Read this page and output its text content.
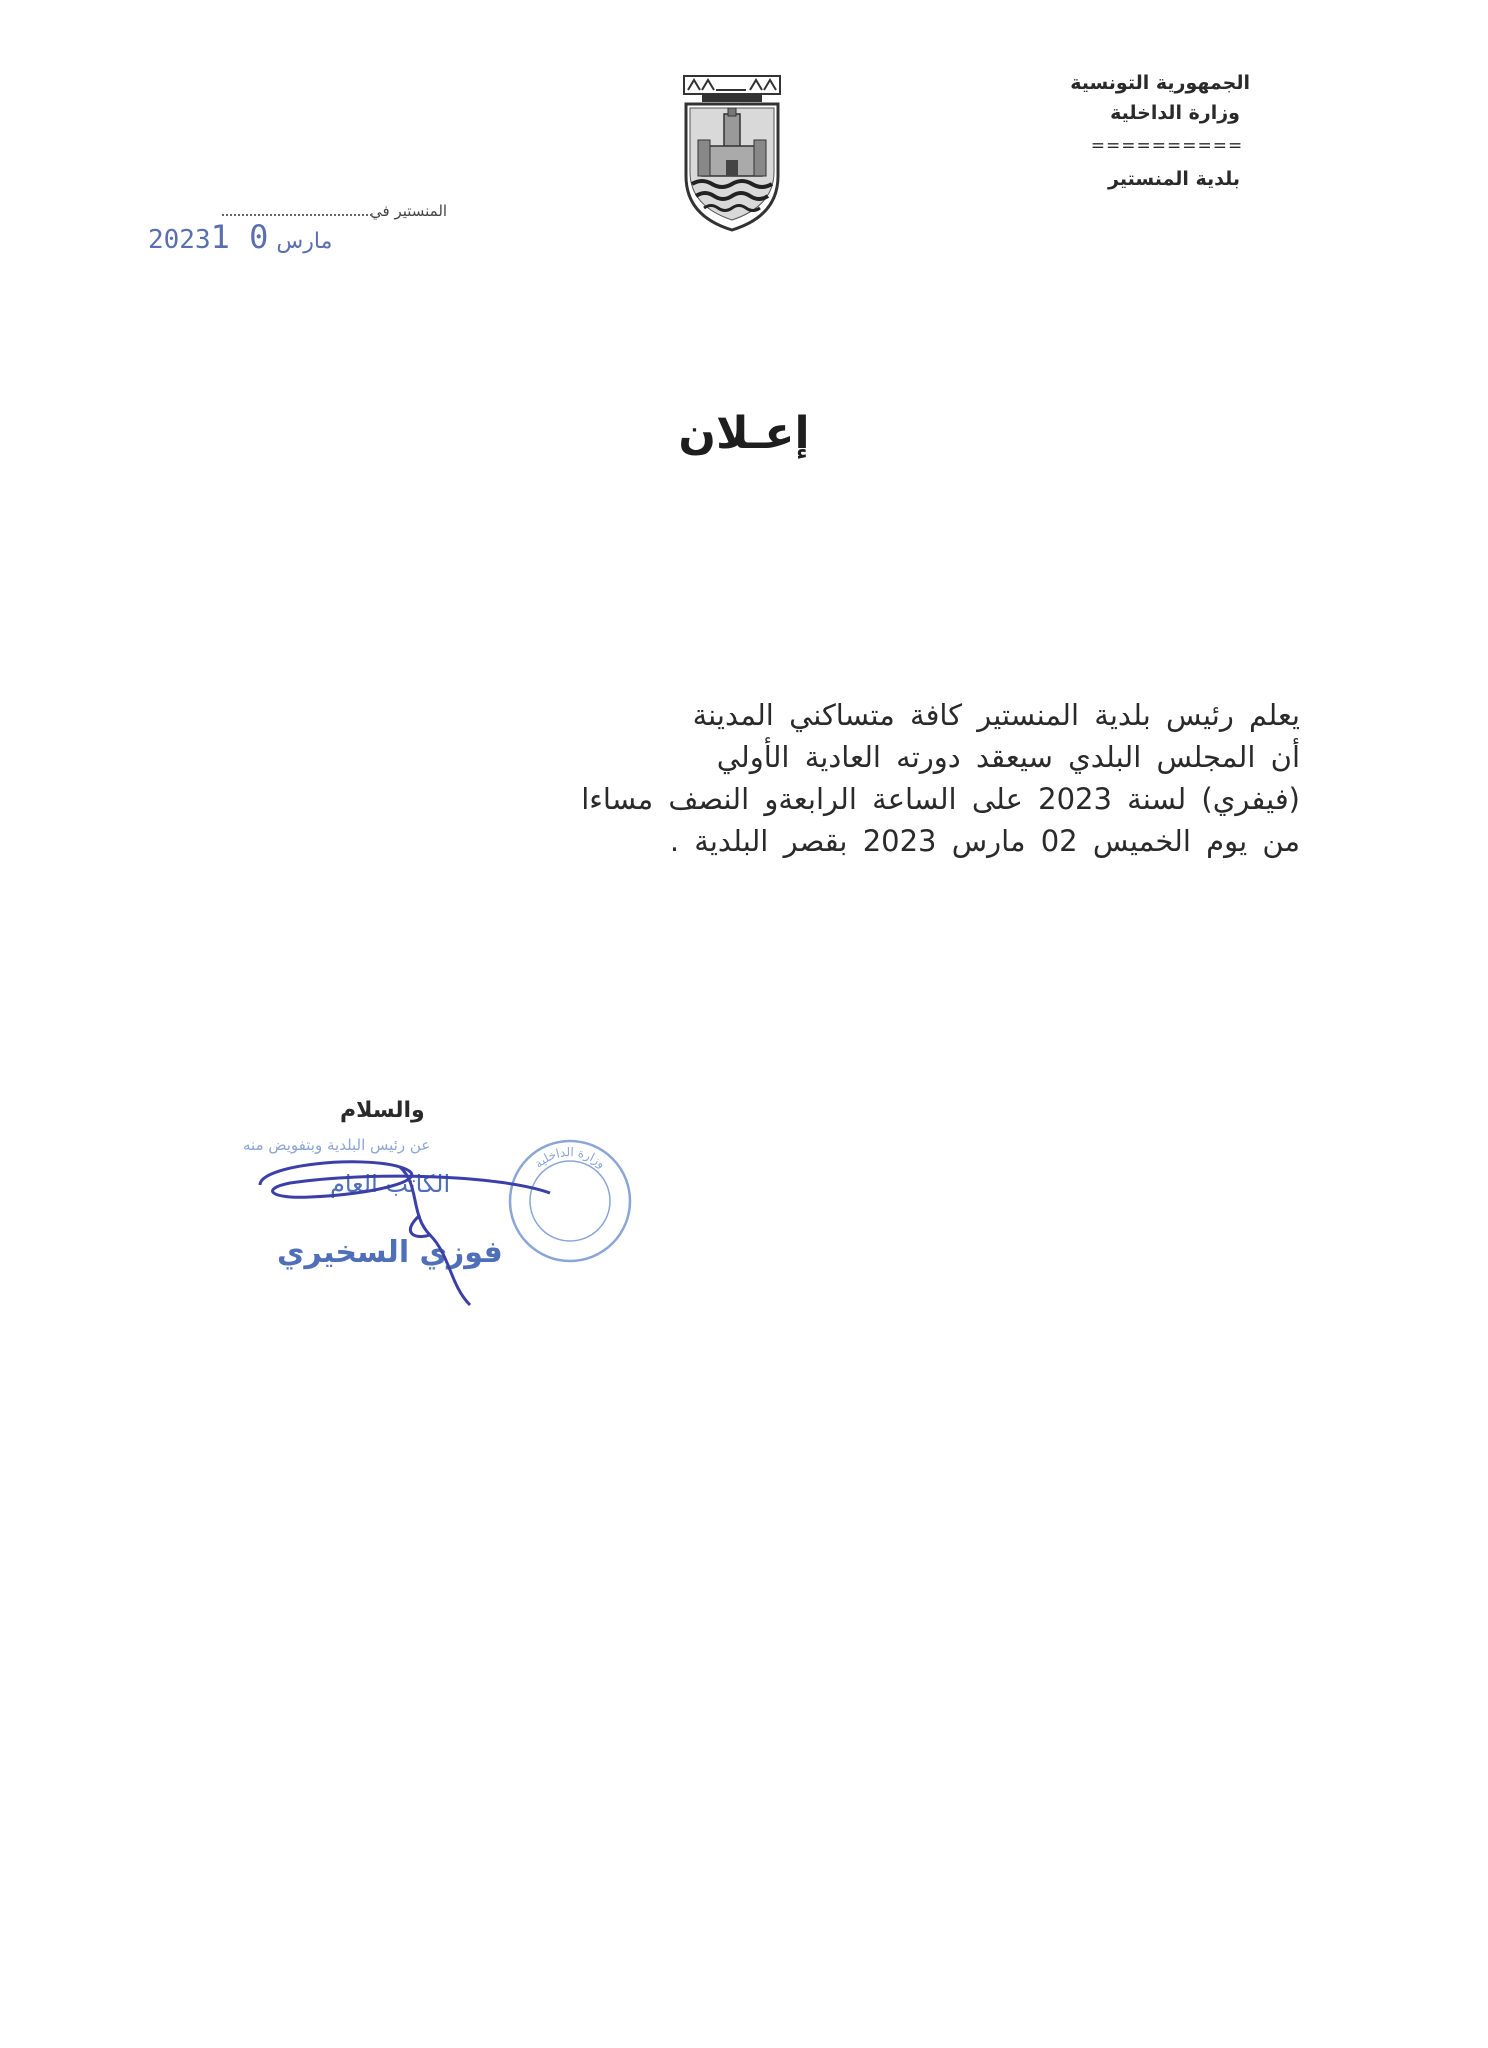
الجمهورية التونسية
وزارة الداخلية
==========
بلدية المنستير
المنستير في
2023	مارس0 1
إعـلان
يعلم رئيس بلدية المنستير كافة متساكني المدينة
أن المجلس البلدي سيعقد دورته العادية الأولي
(فيفري) لسنة 2023 على الساعة الرابعةو النصف مساءا
من يوم الخميس 02 مارس 2023 بقصر البلدية .
والسلام
عن رئيس البلدية وبتفويض منه
الكاتب العام
فوزي السخيري
وزارة الداخلية
